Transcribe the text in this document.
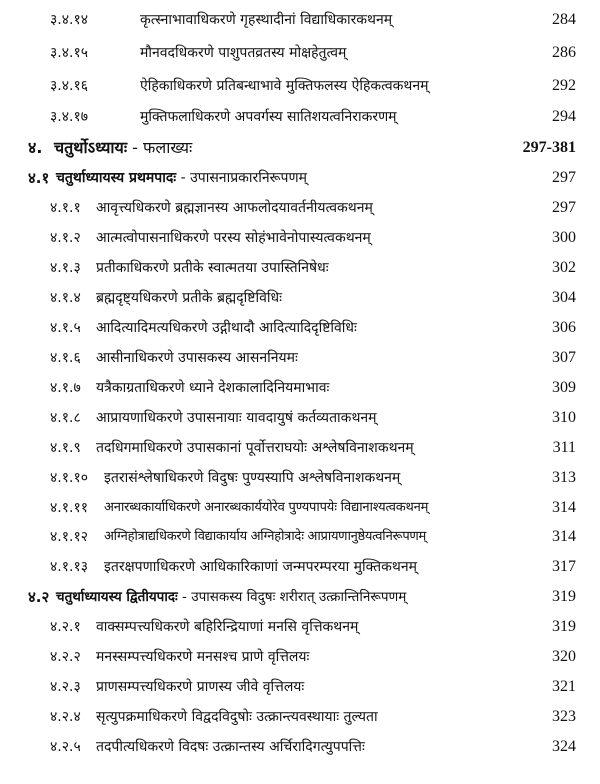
३.४.१४	कृत्स्नाभावाधिकरणे गृहस्थादीनां विद्याधिकारकथनम्	284
३.४.१५	मौनवदधिकरणे पाशुपतव्रतस्य मोक्षहेतुत्वम्	286
३.४.१६	ऐहिकाधिकरणे प्रतिबन्धाभावे मुक्तिफलस्य ऐहिकत्वकथनम्	292
३.४.१७	मुक्तिफलाधिकरणे अपवर्गस्य सातिशयत्वनिराकरणम्	294
४. चतुर्थोऽध्यायः - फलाख्यः	297-381
४.१ चतुर्थाध्यायस्य प्रथमपादः - उपासनाप्रकारनिरूपणम्	297
४.१.१ आवृत्त्यधिकरणे ब्रह्मज्ञानस्य आफलोदयावर्तनीयत्वकथनम्	297
४.१.२ आत्मत्वोपासनाधिकरणे परस्य सोहंभावेनोपास्यत्वकथनम्	300
४.१.३ प्रतीकाधिकरणे प्रतीके स्वात्मतया उपास्तिनिषेधः	302
४.१.४ ब्रह्मदृष्ट्यधिकरणे प्रतीके ब्रह्मदृष्टिविधिः	304
४.१.५ आदित्यादिमत्यधिकरणे उद्गीथादौ आदित्यादिदृष्टिविधिः	306
४.१.६ आसीनाधिकरणे उपासकस्य आसननियमः	307
४.१.७ यत्रैकाग्रताधिकरणे ध्याने देशकालादिनियमाभावः	309
४.१.८ आप्रायणाधिकरणे उपासनायाः यावदायुषं कर्तव्यताकथनम्	310
४.१.९ तदधिगमाधिकरणे उपासकानां पूर्वोत्तराघयोः अश्लेषविनाशकथनम्	311
४.१.१० इतरासंश्लेषाधिकरणे विदुषः पुण्यस्यापि अश्लेषविनाशकथनम्	313
४.१.११ अनारब्धकार्याधिकरणे अनारब्धकार्ययोरेव पुण्यपापयेः विद्यानाश्यत्वकथनम्	314
४.१.१२ अग्निहोत्राद्यधिकरणे विद्याकार्याय अग्निहोत्रादेः आप्रायणानुष्ठेयत्वनिरूपणम्	314
४.१.१३ इतरक्षपणाधिकरणे आधिकारिकाणां जन्मपरम्परया मुक्तिकथनम्	317
४.२ चतुर्थाध्यायस्य द्वितीयपादः - उपासकस्य विदुषः शरीरात् उत्क्रान्तिनिरूपणम्	319
४.२.१ वाक्सम्पत्त्यधिकरणे बहिरिन्द्रियाणां मनसि वृत्तिकथनम्	319
४.२.२ मनस्सम्पत्त्यधिकरणे मनसश्च प्राणे वृत्तिलयः	320
४.२.३ प्राणसम्पत्त्यधिकरणे प्राणस्य जीवे वृत्तिलयः	321
४.२.४ सृत्युपक्रमाधिकरणे विद्वदविदुषोः उत्क्रान्त्यवस्थायाः तुल्यता	323
४.२.५ तदपीत्यधिकरणे विदषः उत्क्रान्तस्य अर्चिरादिगत्युपपत्तिः	324
